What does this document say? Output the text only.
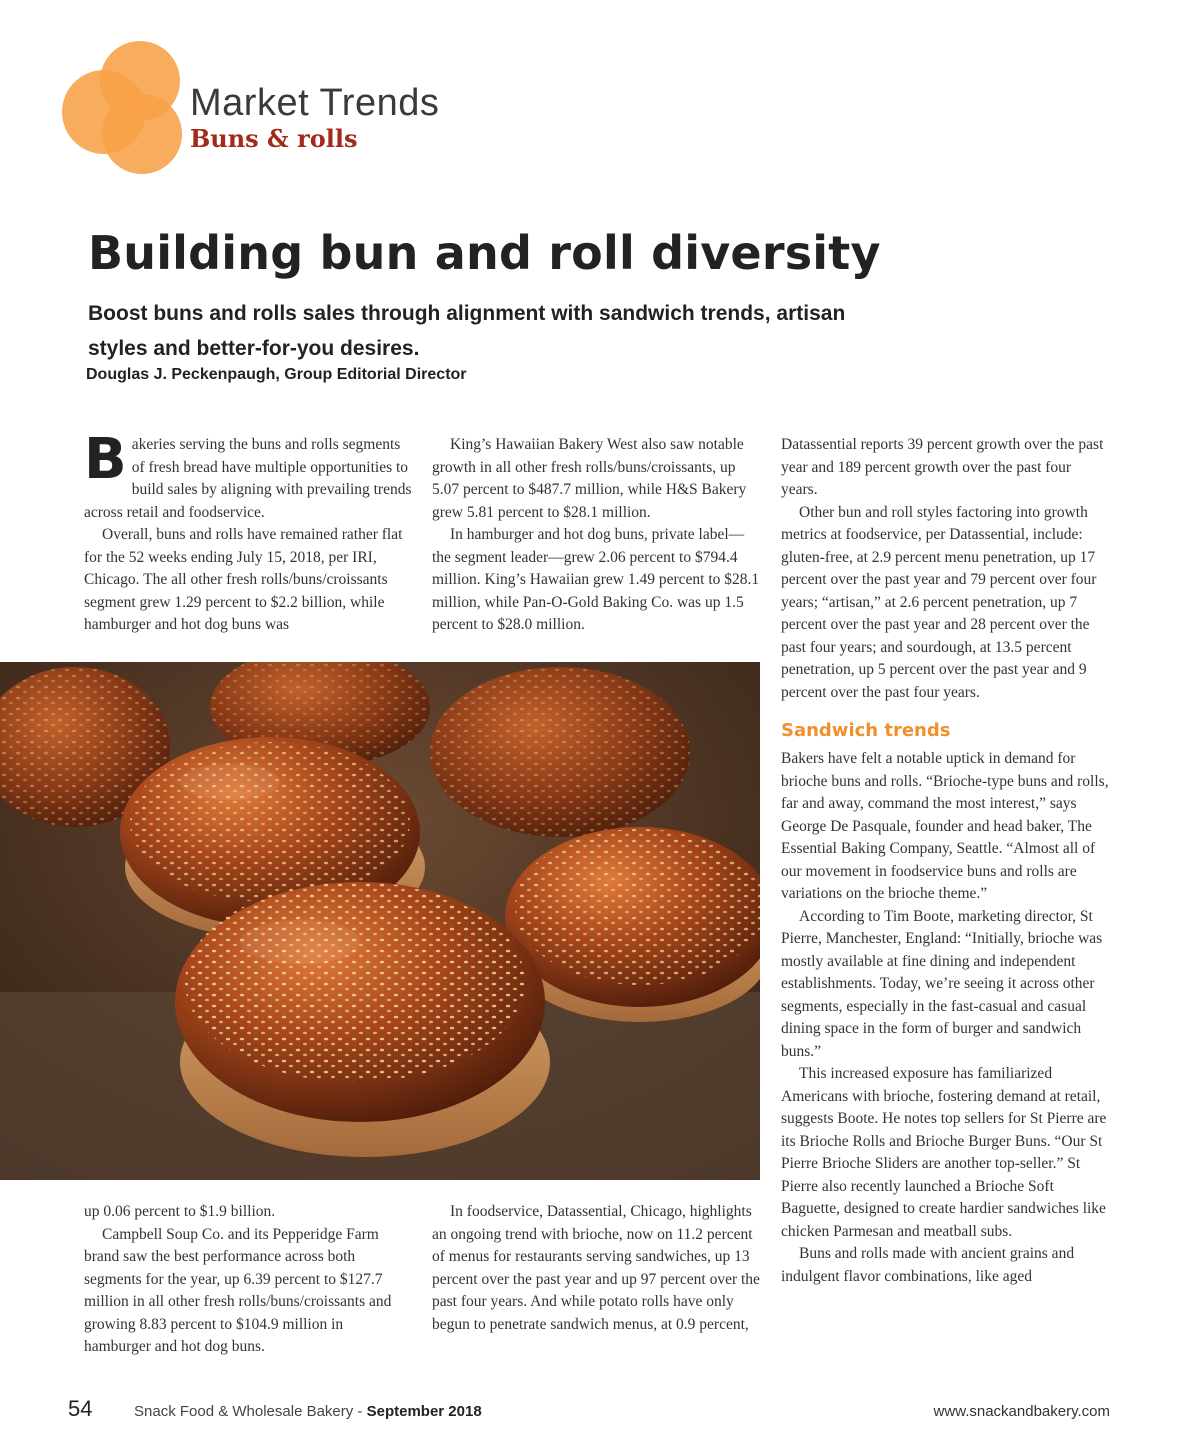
Market Trends
Buns & rolls
Building bun and roll diversity

Boost buns and rolls sales through alignment with sandwich trends, artisan styles and better-for-you desires.

Douglas J. Peckenpaugh, Group Editorial Director

Bakeries serving the buns and rolls segments of fresh bread have multiple opportunities to build sales by aligning with prevailing trends across retail and foodservice.

Overall, buns and rolls have remained rather flat for the 52 weeks ending July 15, 2018, per IRI, Chicago. The all other fresh rolls/buns/croissants segment grew 1.29 percent to $2.2 billion, while hamburger and hot dog buns was

King’s Hawaiian Bakery West also saw notable growth in all other fresh rolls/buns/croissants, up 5.07 percent to $487.7 million, while H&S Bakery grew 5.81 percent to $28.1 million.

In hamburger and hot dog buns, private label—the segment leader—grew 2.06 percent to $794.4 million. King’s Hawaiian grew 1.49 percent to $28.1 million, while Pan-O-Gold Baking Co. was up 1.5 percent to $28.0 million.

up 0.06 percent to $1.9 billion.

Campbell Soup Co. and its Pepperidge Farm brand saw the best performance across both segments for the year, up 6.39 percent to $127.7 million in all other fresh rolls/buns/croissants and growing 8.83 percent to $104.9 million in hamburger and hot dog buns.

In foodservice, Datassential, Chicago, highlights an ongoing trend with brioche, now on 11.2 percent of menus for restaurants serving sandwiches, up 13 percent over the past year and up 97 percent over the past four years. And while potato rolls have only begun to penetrate sandwich menus, at 0.9 percent,

Datassential reports 39 percent growth over the past year and 189 percent growth over the past four years.

Other bun and roll styles factoring into growth metrics at foodservice, per Datassential, include: gluten-free, at 2.9 percent menu penetration, up 17 percent over the past year and 79 percent over four years; “artisan,” at 2.6 percent penetration, up 7 percent over the past year and 28 percent over the past four years; and sourdough, at 13.5 percent penetration, up 5 percent over the past year and 9 percent over the past four years.

Sandwich trends

Bakers have felt a notable uptick in demand for brioche buns and rolls. “Brioche-type buns and rolls, far and away, command the most interest,” says George De Pasquale, founder and head baker, The Essential Baking Company, Seattle. “Almost all of our movement in foodservice buns and rolls are variations on the brioche theme.”

According to Tim Boote, marketing director, St Pierre, Manchester, England: “Initially, brioche was mostly available at fine dining and independent establishments. Today, we’re seeing it across other segments, especially in the fast-casual and casual dining space in the form of burger and sandwich buns.”

This increased exposure has familiarized Americans with brioche, fostering demand at retail, suggests Boote. He notes top sellers for St Pierre are its Brioche Rolls and Brioche Burger Buns. “Our St Pierre Brioche Sliders are another top-seller.” St Pierre also recently launched a Brioche Soft Baguette, designed to create hardier sandwiches like chicken Parmesan and meatball subs.

Buns and rolls made with ancient grains and indulgent flavor combinations, like aged

54	Snack Food & Wholesale Bakery - September 2018	www.snackandbakery.com
